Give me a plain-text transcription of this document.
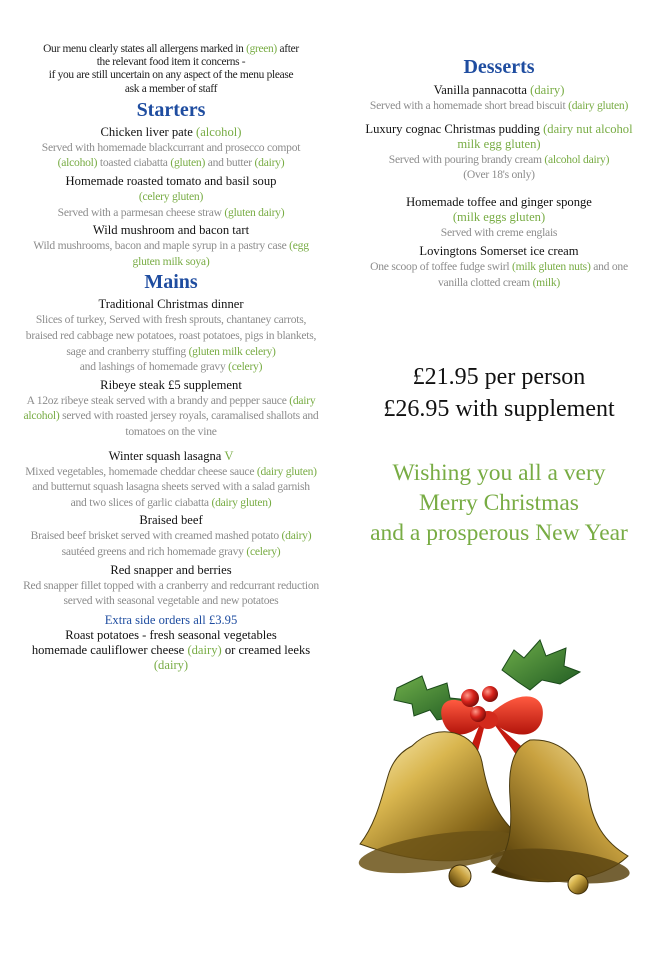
Our menu clearly states all allergens marked in (green) after
the relevant food item it concerns -
if you are still uncertain on any aspect of the menu please
ask a member of staff
Starters

Chicken liver pate (alcohol)

Served with homemade blackcurrant and prosecco compot (alcohol) toasted ciabatta (gluten) and butter (dairy)

Homemade roasted tomato and basil soup

(celery gluten)
Served with a parmesan cheese straw (gluten dairy)

Wild mushroom and bacon tart

Wild mushrooms, bacon and maple syrup in a pastry case (egg gluten milk soya)

Mains

Traditional Christmas dinner

Slices of turkey, Served with fresh sprouts, chantaney carrots, braised red cabbage new potatoes, roast potatoes, pigs in blankets, sage and cranberry stuffing (gluten milk celery)
and lashings of homemade gravy (celery)

Ribeye steak £5 supplement

A 12oz ribeye steak served with a brandy and pepper sauce (dairy alcohol) served with roasted jersey royals, caramalised shallots and tomatoes on the vine

Winter squash lasagna V

Mixed vegetables, homemade cheddar cheese sauce (dairy gluten) and butternut squash lasagna sheets served with a salad garnish
and two slices of garlic ciabatta (dairy gluten)

Braised beef

Braised beef brisket served with creamed mashed potato (dairy) sautéed greens and rich homemade gravy (celery)

Red snapper and berries

Red snapper fillet topped with a cranberry and redcurrant reduction served with seasonal vegetable and new potatoes

Extra side orders all £3.95

Roast potatoes - fresh seasonal vegetables

homemade cauliflower cheese (dairy) or creamed leeks (dairy)

Desserts

Vanilla pannacotta (dairy)

Served with a homemade short bread biscuit (dairy gluten)

Luxury cognac Christmas pudding (dairy nut alcohol milk egg gluten)

Served with pouring brandy cream (alcohol dairy)
(Over 18's only)

Homemade toffee and ginger sponge
(milk eggs gluten)

Served with creme englais

Lovingtons Somerset ice cream

One scoop of toffee fudge swirl (milk gluten nuts) and one vanilla clotted cream (milk)

£21.95 per person

£26.95 with supplement

Wishing you all a very

Merry Christmas

and a prosperous New Year
